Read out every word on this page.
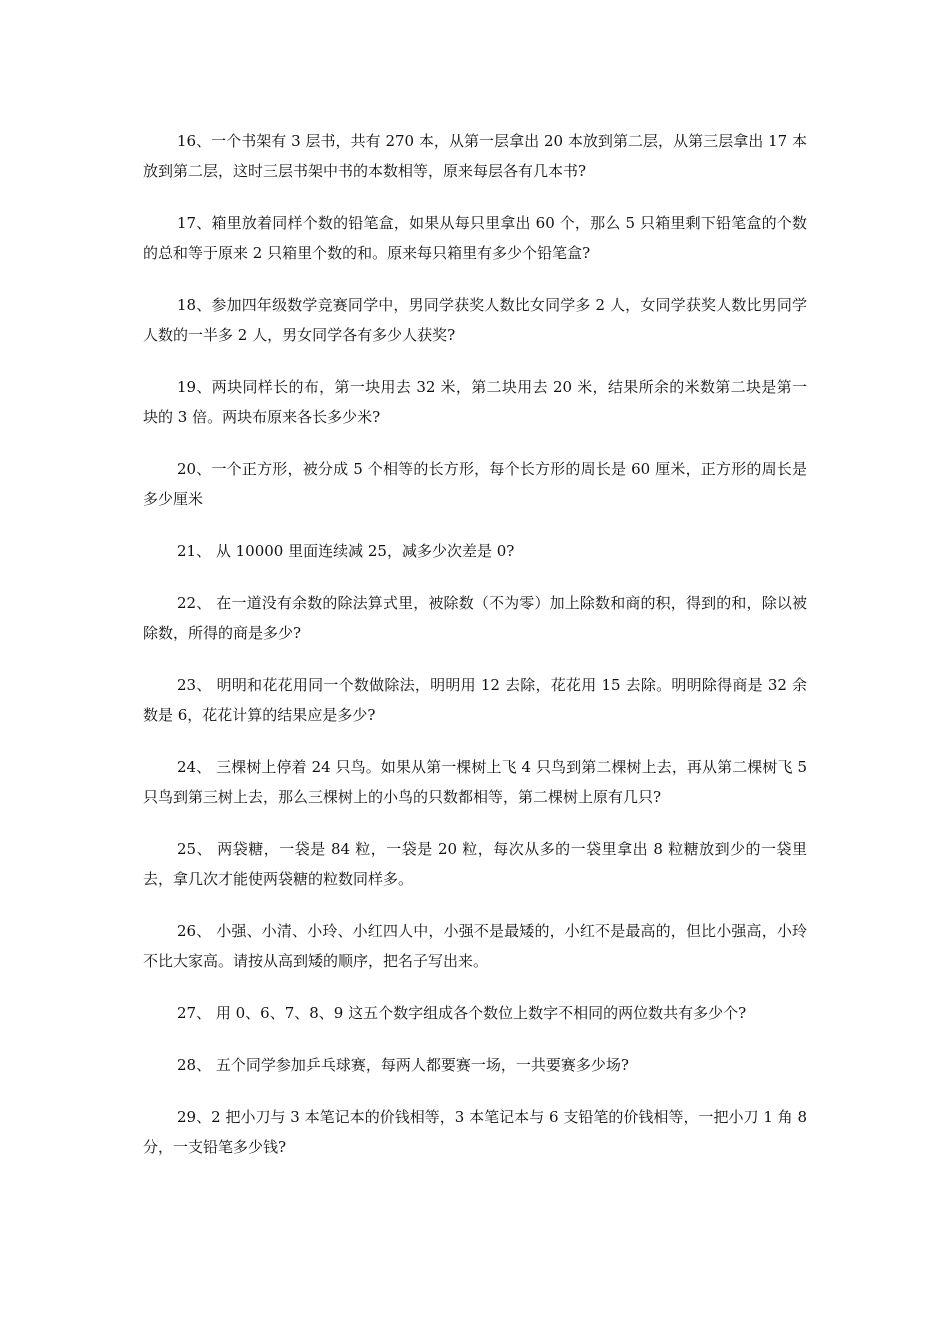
16、一个书架有 3 层书，共有 270 本，从第一层拿出 20 本放到第二层，从第三层拿出 17 本放到第二层，这时三层书架中书的本数相等，原来每层各有几本书?

17、箱里放着同样个数的铅笔盒，如果从每只里拿出 60 个，那么 5 只箱里剩下铅笔盒的个数的总和等于原来 2 只箱里个数的和。原来每只箱里有多少个铅笔盒?

18、参加四年级数学竞赛同学中，男同学获奖人数比女同学多 2 人，女同学获奖人数比男同学人数的一半多 2 人，男女同学各有多少人获奖?

19、两块同样长的布，第一块用去 32 米，第二块用去 20 米，结果所余的米数第二块是第一块的 3 倍。两块布原来各长多少米?

20、一个正方形，被分成 5 个相等的长方形，每个长方形的周长是 60 厘米，正方形的周长是多少厘米

21、 从 10000 里面连续减 25，减多少次差是 0?

22、 在一道没有余数的除法算式里，被除数（不为零）加上除数和商的积，得到的和，除以被除数，所得的商是多少?

23、 明明和花花用同一个数做除法，明明用 12 去除，花花用 15 去除。明明除得商是 32 余数是 6，花花计算的结果应是多少?

24、 三棵树上停着 24 只鸟。如果从第一棵树上飞 4 只鸟到第二棵树上去，再从第二棵树飞 5 只鸟到第三树上去，那么三棵树上的小鸟的只数都相等，第二棵树上原有几只?

25、 两袋糖，一袋是 84 粒，一袋是 20 粒，每次从多的一袋里拿出 8 粒糖放到少的一袋里去，拿几次才能使两袋糖的粒数同样多。

26、 小强、小清、小玲、小红四人中，小强不是最矮的，小红不是最高的，但比小强高，小玲不比大家高。请按从高到矮的顺序，把名子写出来。

27、 用 0、6、7、8、9 这五个数字组成各个数位上数字不相同的两位数共有多少个?

28、 五个同学参加乒乓球赛，每两人都要赛一场，一共要赛多少场?

29、2 把小刀与 3 本笔记本的价钱相等，3 本笔记本与 6 支铅笔的价钱相等，一把小刀 1 角 8 分，一支铅笔多少钱?
